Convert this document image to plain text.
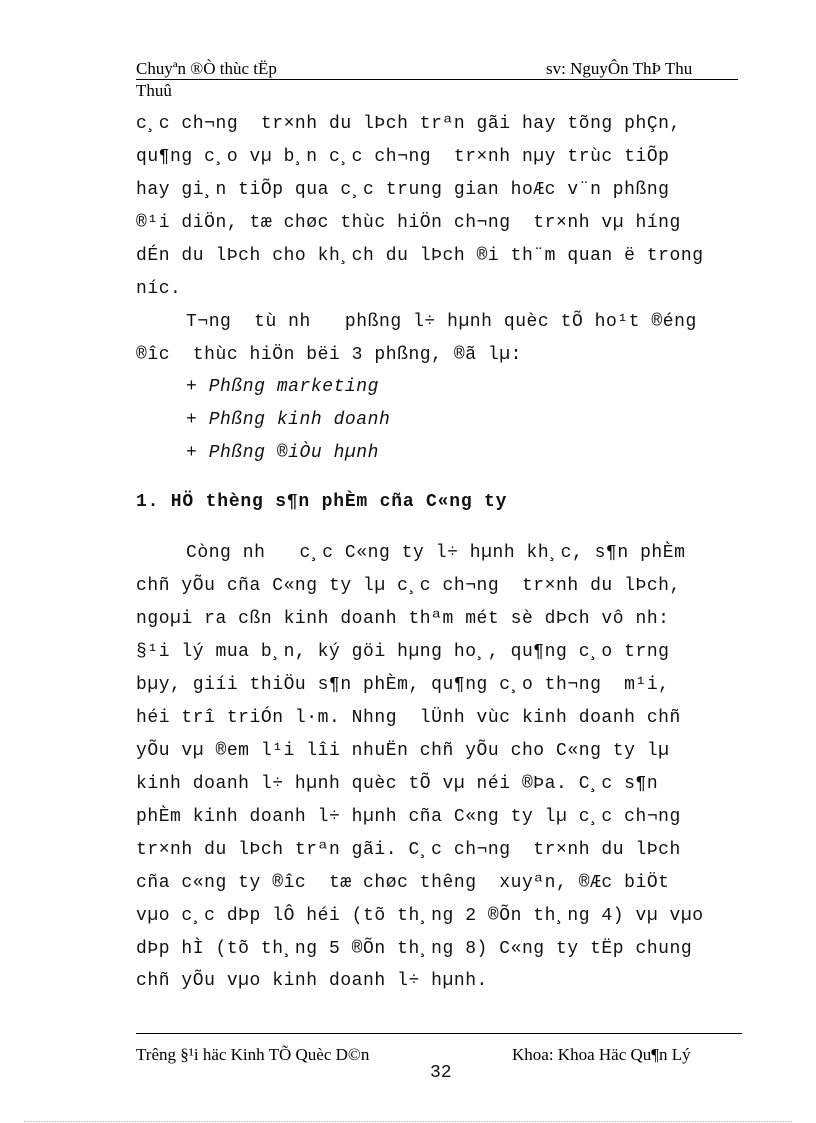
Chuyªn ®Ò thùc tËp	sv: NguyÔn ThÞ Thu
Thuû
c¸c ch¬ng  tr×nh du lÞch trªn gãi hay tõng phÇn,
qu¶ng c¸o vµ b¸n c¸c ch¬ng  tr×nh nµy trùc tiÕp
hay gi¸n tiÕp qua c¸c trung gian hoÆc v¨n phßng
®¹i diÖn, tæ chøc thùc hiÖn ch¬ng  tr×nh vµ híng
dÉn du lÞch cho kh¸ch du lÞch ®i th¨m quan ë trong
níc.
T¬ng  tù nh   phßng l÷ hµnh quèc tÕ ho¹t ®éng
®îc  thùc hiÖn bëi 3 phßng, ®ã lµ:
+ Phßng marketing
+ Phßng kinh doanh
+ Phßng ®iÒu hµnh
1. HÖ thèng s¶n phÈm cña C«ng ty
Còng nh   c¸c C«ng ty l÷ hµnh kh¸c, s¶n phÈm
chñ yÕu cña C«ng ty lµ c¸c ch¬ng  tr×nh du lÞch,
ngoµi ra cßn kinh doanh thªm mét sè dÞch vô nh:
§¹i lý mua b¸n, ký göi hµng ho¸, qu¶ng c¸o trng
bµy, giíi thiÖu s¶n phÈm, qu¶ng c¸o th¬ng  m¹i,
héi trî triÓn l·m. Nhng  lÜnh vùc kinh doanh chñ
yÕu vµ ®em l¹i lîi nhuËn chñ yÕu cho C«ng ty lµ
kinh doanh l÷ hµnh quèc tÕ vµ néi ®Þa. C¸c s¶n
phÈm kinh doanh l÷ hµnh cña C«ng ty lµ c¸c ch¬ng
tr×nh du lÞch trªn gãi. C¸c ch¬ng  tr×nh du lÞch
cña c«ng ty ®îc  tæ chøc thêng  xuyªn, ®Æc biÖt
vµo c¸c dÞp lÔ héi (tõ th¸ng 2 ®Õn th¸ng 4) vµ vµo
dÞp hÌ (tõ th¸ng 5 ®Õn th¸ng 8) C«ng ty tËp chung
chñ yÕu vµo kinh doanh l÷ hµnh.
Trêng §¹i häc Kinh TÕ Quèc D©n	Khoa: Khoa Häc Qu¶n Lý
32
